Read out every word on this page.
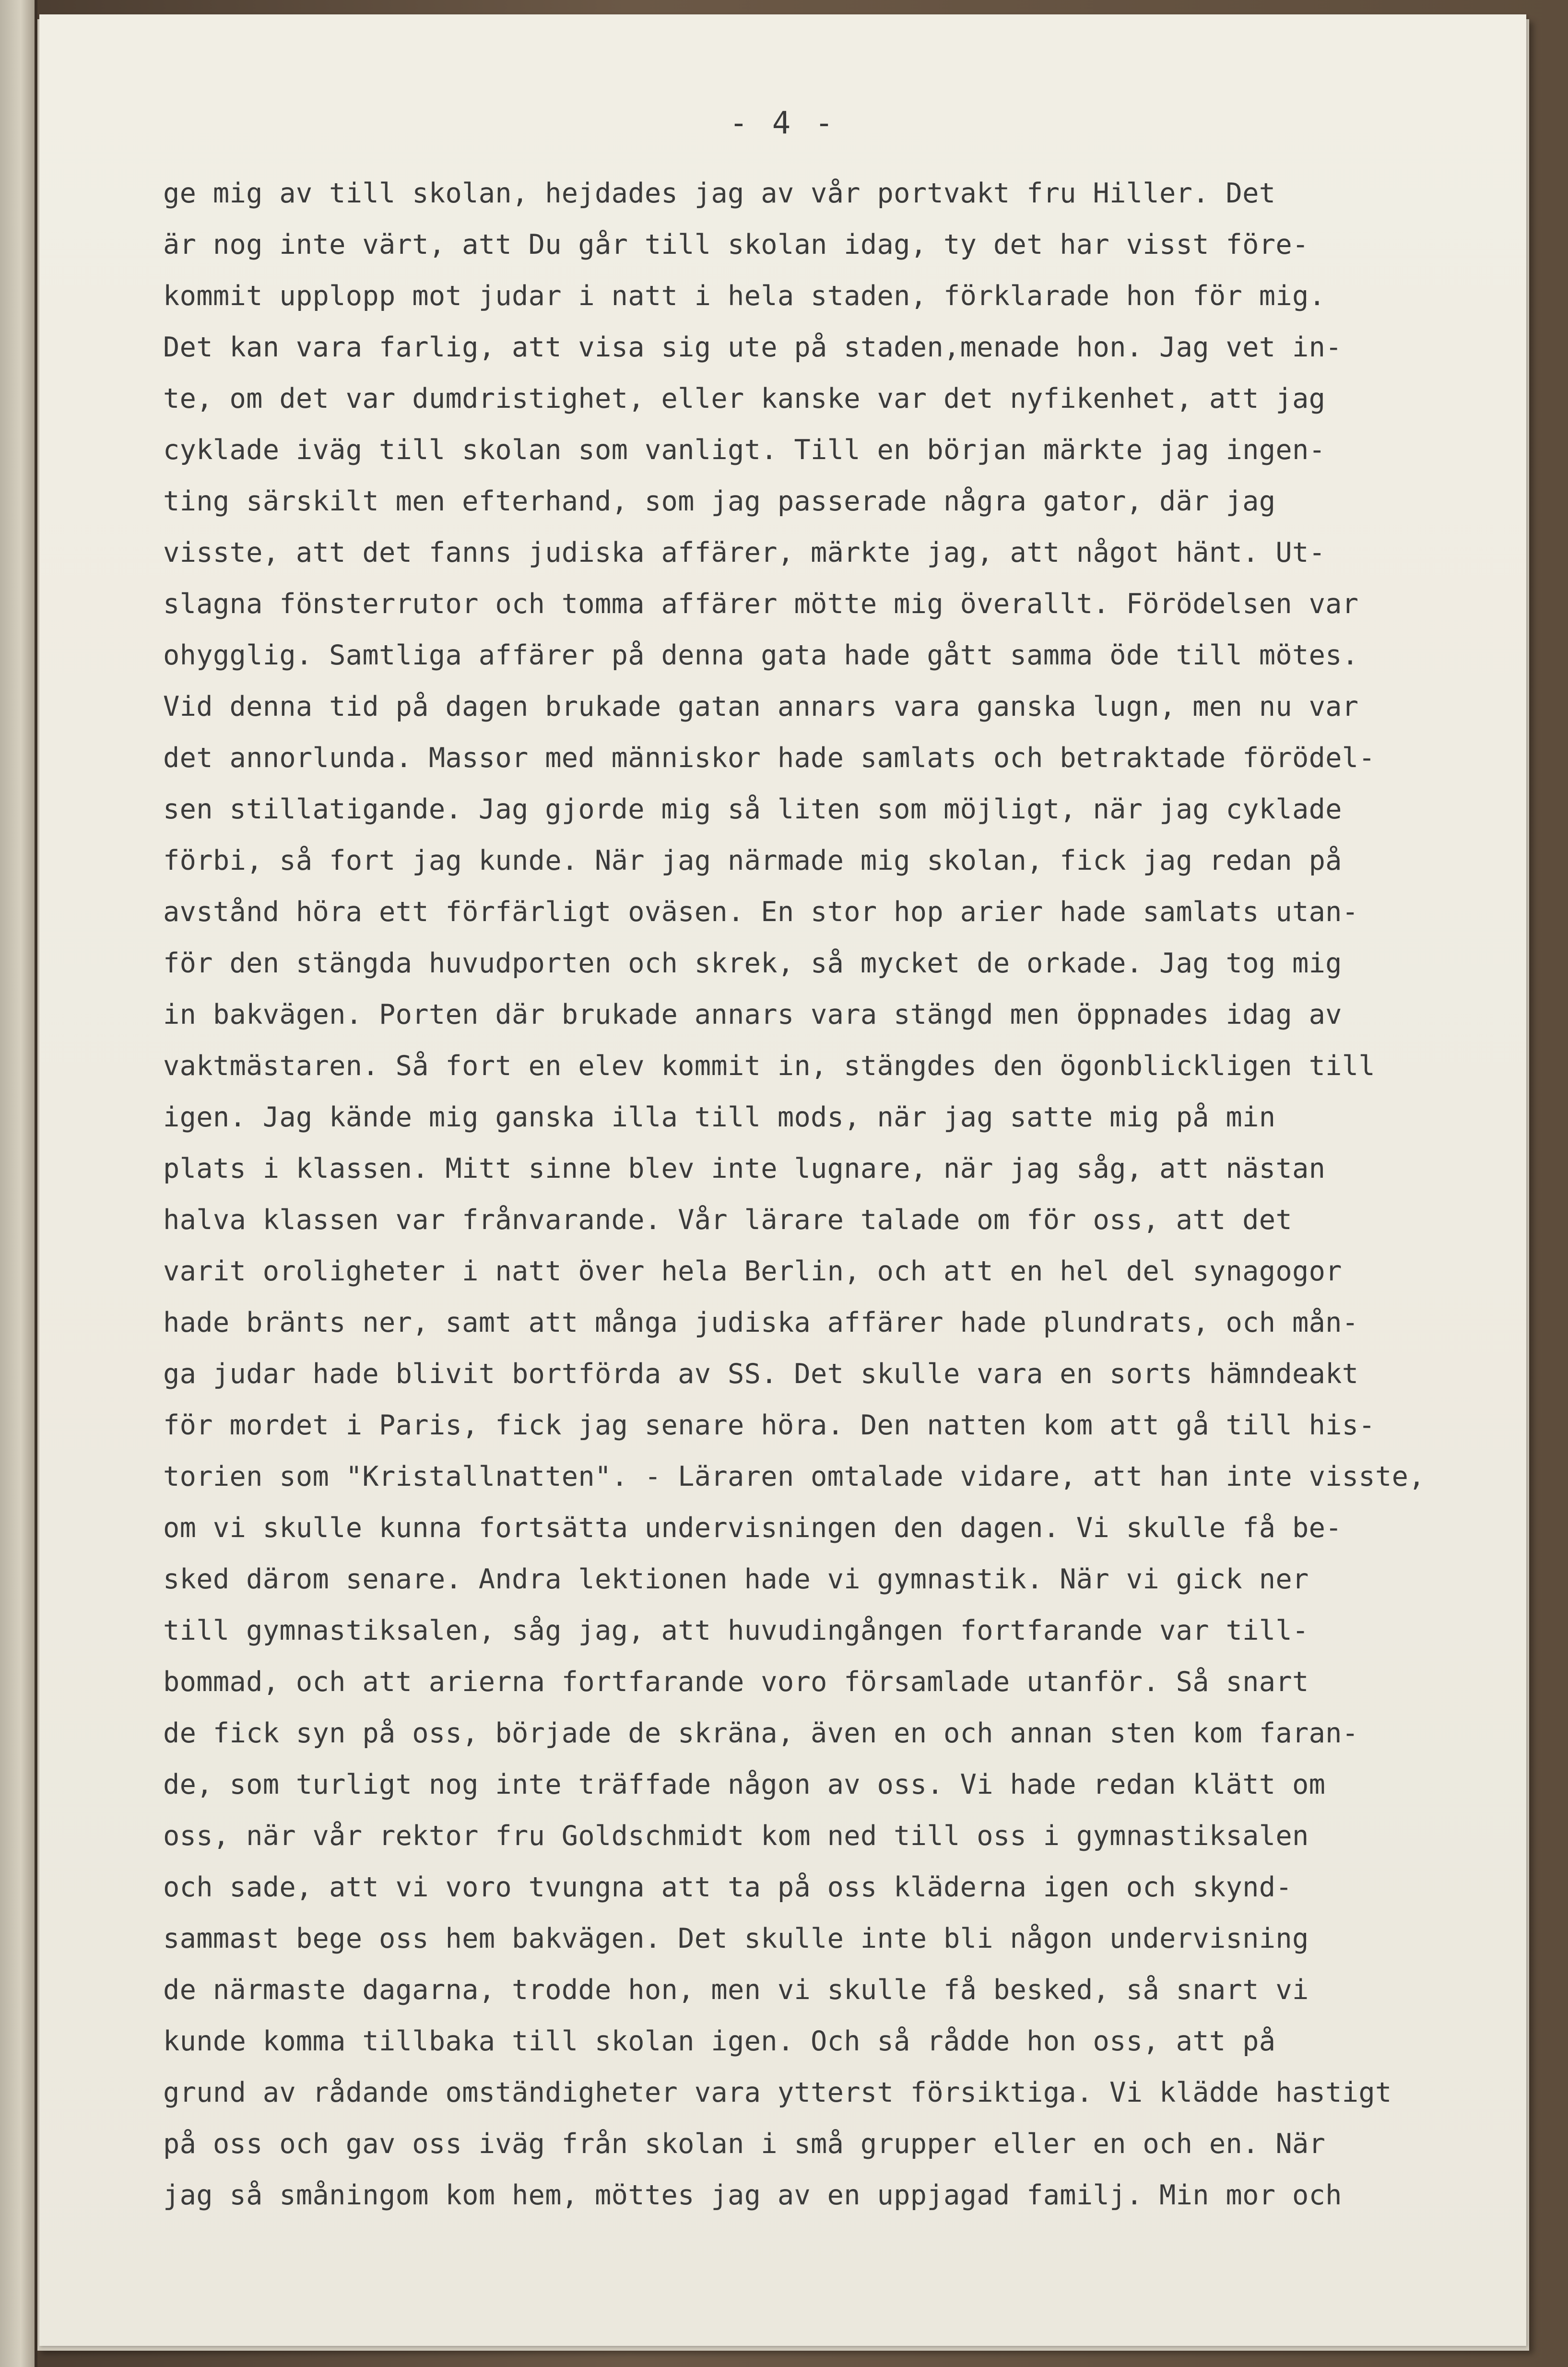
- 4 -
ge mig av till skolan, hejdades jag av vår portvakt fru Hiller. Det
är nog inte värt, att Du går till skolan idag, ty det har visst före-
kommit upplopp mot judar i natt i hela staden, förklarade hon för mig.
Det kan vara farlig, att visa sig ute på staden,menade hon. Jag vet in-
te, om det var dumdristighet, eller kanske var det nyfikenhet, att jag
cyklade iväg till skolan som vanligt. Till en början märkte jag ingen-
ting särskilt men efterhand, som jag passerade några gator, där jag
visste, att det fanns judiska affärer, märkte jag, att något hänt. Ut-
slagna fönsterrutor och tomma affärer mötte mig överallt. Förödelsen var
ohygglig. Samtliga affärer på denna gata hade gått samma öde till mötes.
Vid denna tid på dagen brukade gatan annars vara ganska lugn, men nu var
det annorlunda. Massor med människor hade samlats och betraktade förödel-
sen stillatigande. Jag gjorde mig så liten som möjligt, när jag cyklade
förbi, så fort jag kunde. När jag närmade mig skolan, fick jag redan på
avstånd höra ett förfärligt oväsen. En stor hop arier hade samlats utan-
för den stängda huvudporten och skrek, så mycket de orkade. Jag tog mig
in bakvägen. Porten där brukade annars vara stängd men öppnades idag av
vaktmästaren. Så fort en elev kommit in, stängdes den ögonblickligen till
igen. Jag kände mig ganska illa till mods, när jag satte mig på min
plats i klassen. Mitt sinne blev inte lugnare, när jag såg, att nästan
halva klassen var frånvarande. Vår lärare talade om för oss, att det
varit oroligheter i natt över hela Berlin, och att en hel del synagogor
hade bränts ner, samt att många judiska affärer hade plundrats, och mån-
ga judar hade blivit bortförda av SS. Det skulle vara en sorts hämndeakt
för mordet i Paris, fick jag senare höra. Den natten kom att gå till his-
torien som "Kristallnatten". - Läraren omtalade vidare, att han inte visste,
om vi skulle kunna fortsätta undervisningen den dagen. Vi skulle få be-
sked därom senare. Andra lektionen hade vi gymnastik. När vi gick ner
till gymnastiksalen, såg jag, att huvudingången fortfarande var till-
bommad, och att arierna fortfarande voro församlade utanför. Så snart
de fick syn på oss, började de skräna, även en och annan sten kom faran-
de, som turligt nog inte träffade någon av oss. Vi hade redan klätt om
oss, när vår rektor fru Goldschmidt kom ned till oss i gymnastiksalen
och sade, att vi voro tvungna att ta på oss kläderna igen och skynd-
sammast bege oss hem bakvägen. Det skulle inte bli någon undervisning
de närmaste dagarna, trodde hon, men vi skulle få besked, så snart vi
kunde komma tillbaka till skolan igen. Och så rådde hon oss, att på
grund av rådande omständigheter vara ytterst försiktiga. Vi klädde hastigt
på oss och gav oss iväg från skolan i små grupper eller en och en. När
jag så småningom kom hem, möttes jag av en uppjagad familj. Min mor och
